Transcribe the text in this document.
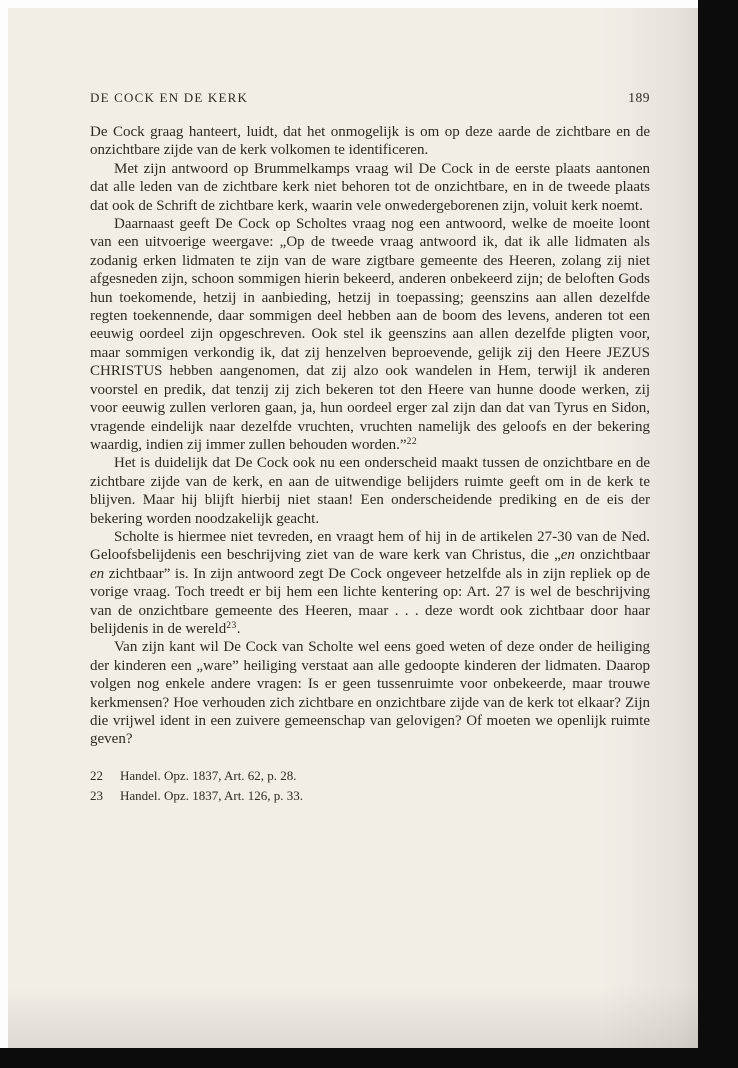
DE COCK EN DE KERK	189

De Cock graag hanteert, luidt, dat het onmogelijk is om op deze aarde de zichtbare en de onzichtbare zijde van de kerk volkomen te identificeren.

Met zijn antwoord op Brummelkamps vraag wil De Cock in de eerste plaats aantonen dat alle leden van de zichtbare kerk niet behoren tot de onzichtbare, en in de tweede plaats dat ook de Schrift de zichtbare kerk, waarin vele onwedergeborenen zijn, voluit kerk noemt.

Daarnaast geeft De Cock op Scholtes vraag nog een antwoord, welke de moeite loont van een uitvoerige weergave: „Op de tweede vraag antwoord ik, dat ik alle lidmaten als zodanig erken lidmaten te zijn van de ware zigtbare gemeente des Heeren, zolang zij niet afgesneden zijn, schoon sommigen hierin bekeerd, anderen onbekeerd zijn; de beloften Gods hun toekomende, hetzij in aanbieding, hetzij in toepassing; geenszins aan allen dezelfde regten toekennende, daar sommigen deel hebben aan de boom des levens, anderen tot een eeuwig oordeel zijn opgeschreven. Ook stel ik geenszins aan allen dezelfde pligten voor, maar sommigen verkondig ik, dat zij henzelven beproevende, gelijk zij den Heere JEZUS CHRISTUS hebben aangenomen, dat zij alzo ook wandelen in Hem, terwijl ik anderen voorstel en predik, dat tenzij zij zich bekeren tot den Heere van hunne doode werken, zij voor eeuwig zullen verloren gaan, ja, hun oordeel erger zal zijn dan dat van Tyrus en Sidon, vragende eindelijk naar dezelfde vruchten, vruchten namelijk des geloofs en der bekering waardig, indien zij immer zullen behouden worden.”$^{22}$

Het is duidelijk dat De Cock ook nu een onderscheid maakt tussen de onzichtbare en de zichtbare zijde van de kerk, en aan de uitwendige belijders ruimte geeft om in de kerk te blijven. Maar hij blijft hierbij niet staan! Een onderscheidende prediking en de eis der bekering worden noodzakelijk geacht.

Scholte is hiermee niet tevreden, en vraagt hem of hij in de artikelen 27-30 van de Ned. Geloofsbelijdenis een beschrijving ziet van de ware kerk van Christus, die „en onzichtbaar en zichtbaar” is. In zijn antwoord zegt De Cock ongeveer hetzelfde als in zijn repliek op de vorige vraag. Toch treedt er bij hem een lichte kentering op: Art. 27 is wel de beschrijving van de onzichtbare gemeente des Heeren, maar . . . deze wordt ook zichtbaar door haar belijdenis in de wereld$^{23}$.

Van zijn kant wil De Cock van Scholte wel eens goed weten of deze onder de heiliging der kinderen een „ware” heiliging verstaat aan alle gedoopte kinderen der lidmaten. Daarop volgen nog enkele andere vragen: Is er geen tussenruimte voor onbekeerde, maar trouwe kerkmensen? Hoe verhouden zich zichtbare en onzichtbare zijde van de kerk tot elkaar? Zijn die vrijwel ident in een zuivere gemeenschap van gelovigen? Of moeten we openlijk ruimte geven?

22	Handel. Opz. 1837, Art. 62, p. 28.
23	Handel. Opz. 1837, Art. 126, p. 33.
